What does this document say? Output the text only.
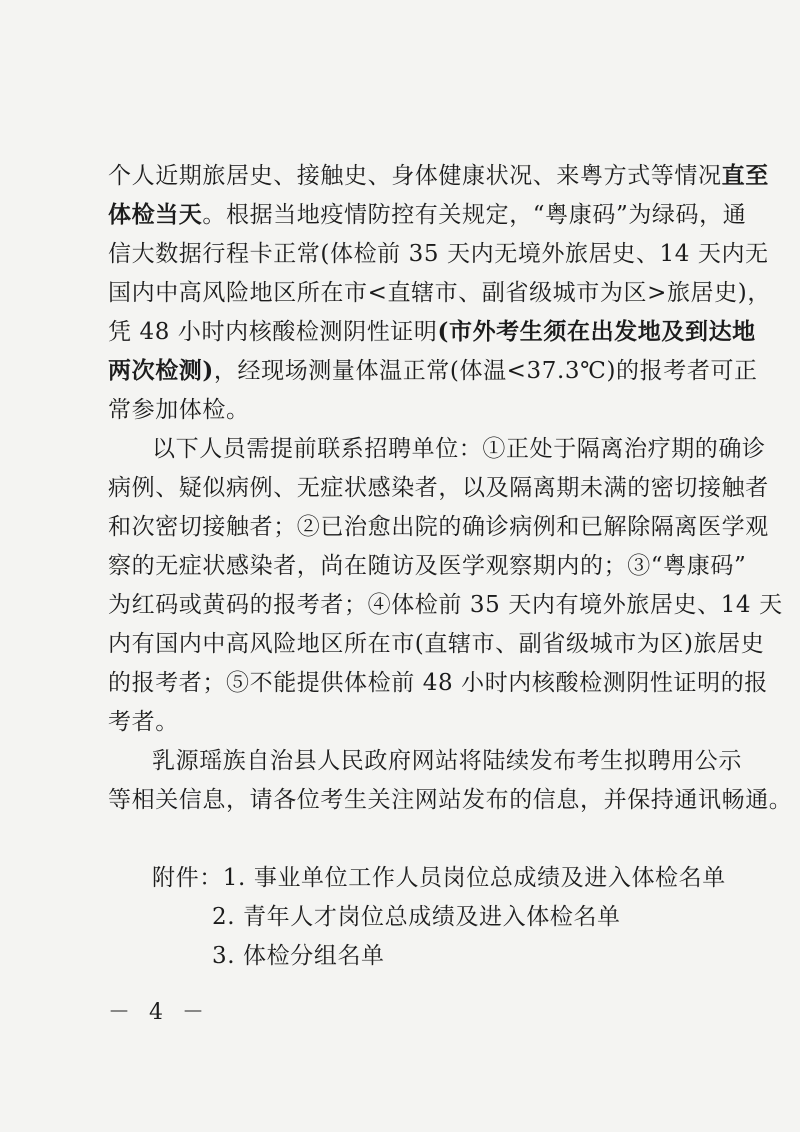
个人近期旅居史、接触史、身体健康状况、来粤方式等情况直至
体检当天。根据当地疫情防控有关规定，“粤康码”为绿码，通
信大数据行程卡正常(体检前 35 天内无境外旅居史、14 天内无
国内中高风险地区所在市<直辖市、副省级城市为区>旅居史)，
凭 48 小时内核酸检测阴性证明(市外考生须在出发地及到达地
两次检测)，经现场测量体温正常(体温<37.3℃)的报考者可正
常参加体检。
以下人员需提前联系招聘单位：①正处于隔离治疗期的确诊
病例、疑似病例、无症状感染者，以及隔离期未满的密切接触者
和次密切接触者；②已治愈出院的确诊病例和已解除隔离医学观
察的无症状感染者，尚在随访及医学观察期内的；③“粤康码”
为红码或黄码的报考者；④体检前 35 天内有境外旅居史、14 天
内有国内中高风险地区所在市(直辖市、副省级城市为区)旅居史
的报考者；⑤不能提供体检前 48 小时内核酸检测阴性证明的报
考者。
乳源瑶族自治县人民政府网站将陆续发布考生拟聘用公示
等相关信息，请各位考生关注网站发布的信息，并保持通讯畅通。
附件：1. 事业单位工作人员岗位总成绩及进入体检名单
2. 青年人才岗位总成绩及进入体检名单
3. 体检分组名单
－ 4 －
